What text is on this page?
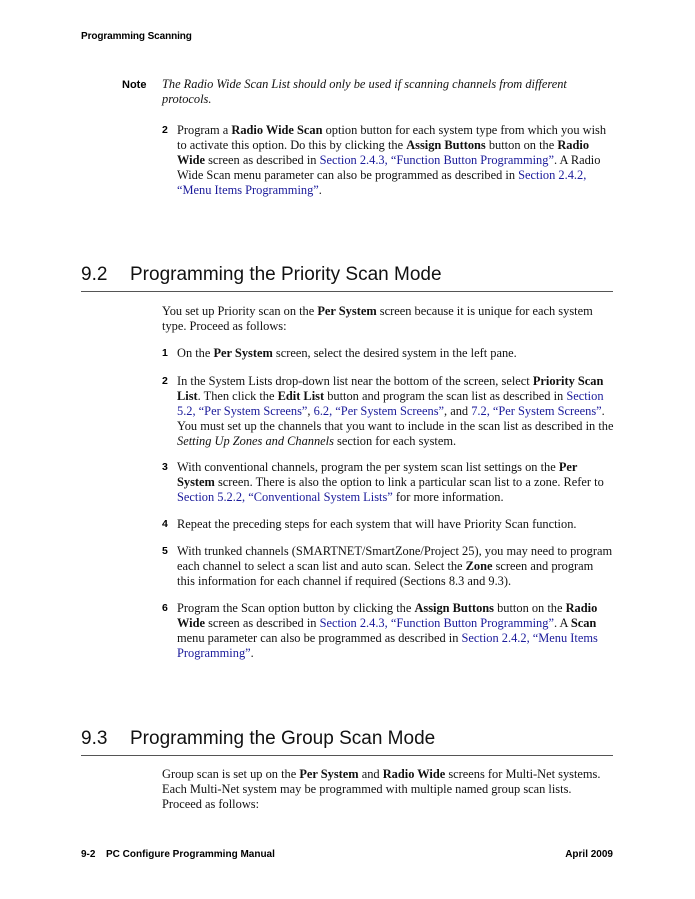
Programming Scanning
Note The Radio Wide Scan List should only be used if scanning channels from different protocols.
2 Program a Radio Wide Scan option button for each system type from which you wish to activate this option. Do this by clicking the Assign Buttons button on the Radio Wide screen as described in Section 2.4.3, “Function Button Programming”. A Radio Wide Scan menu parameter can also be programmed as described in Section 2.4.2, “Menu Items Programming”.
9.2 Programming the Priority Scan Mode
You set up Priority scan on the Per System screen because it is unique for each system type. Proceed as follows:
1 On the Per System screen, select the desired system in the left pane.
2 In the System Lists drop-down list near the bottom of the screen, select Priority Scan List. Then click the Edit List button and program the scan list as described in Section 5.2, “Per System Screens”, 6.2, “Per System Screens”, and 7.2, “Per System Screens”. You must set up the channels that you want to include in the scan list as described in the Setting Up Zones and Channels section for each system.
3 With conventional channels, program the per system scan list settings on the Per System screen. There is also the option to link a particular scan list to a zone. Refer to Section 5.2.2, “Conventional System Lists” for more information.
4 Repeat the preceding steps for each system that will have Priority Scan function.
5 With trunked channels (SMARTNET/SmartZone/Project 25), you may need to program each channel to select a scan list and auto scan. Select the Zone screen and program this information for each channel if required (Sections 8.3 and 9.3).
6 Program the Scan option button by clicking the Assign Buttons button on the Radio Wide screen as described in Section 2.4.3, “Function Button Programming”. A Scan menu parameter can also be programmed as described in Section 2.4.2, “Menu Items Programming”.
9.3 Programming the Group Scan Mode
Group scan is set up on the Per System and Radio Wide screens for Multi-Net systems. Each Multi-Net system may be programmed with multiple named group scan lists. Proceed as follows:
9-2 PC Configure Programming Manual	April 2009
